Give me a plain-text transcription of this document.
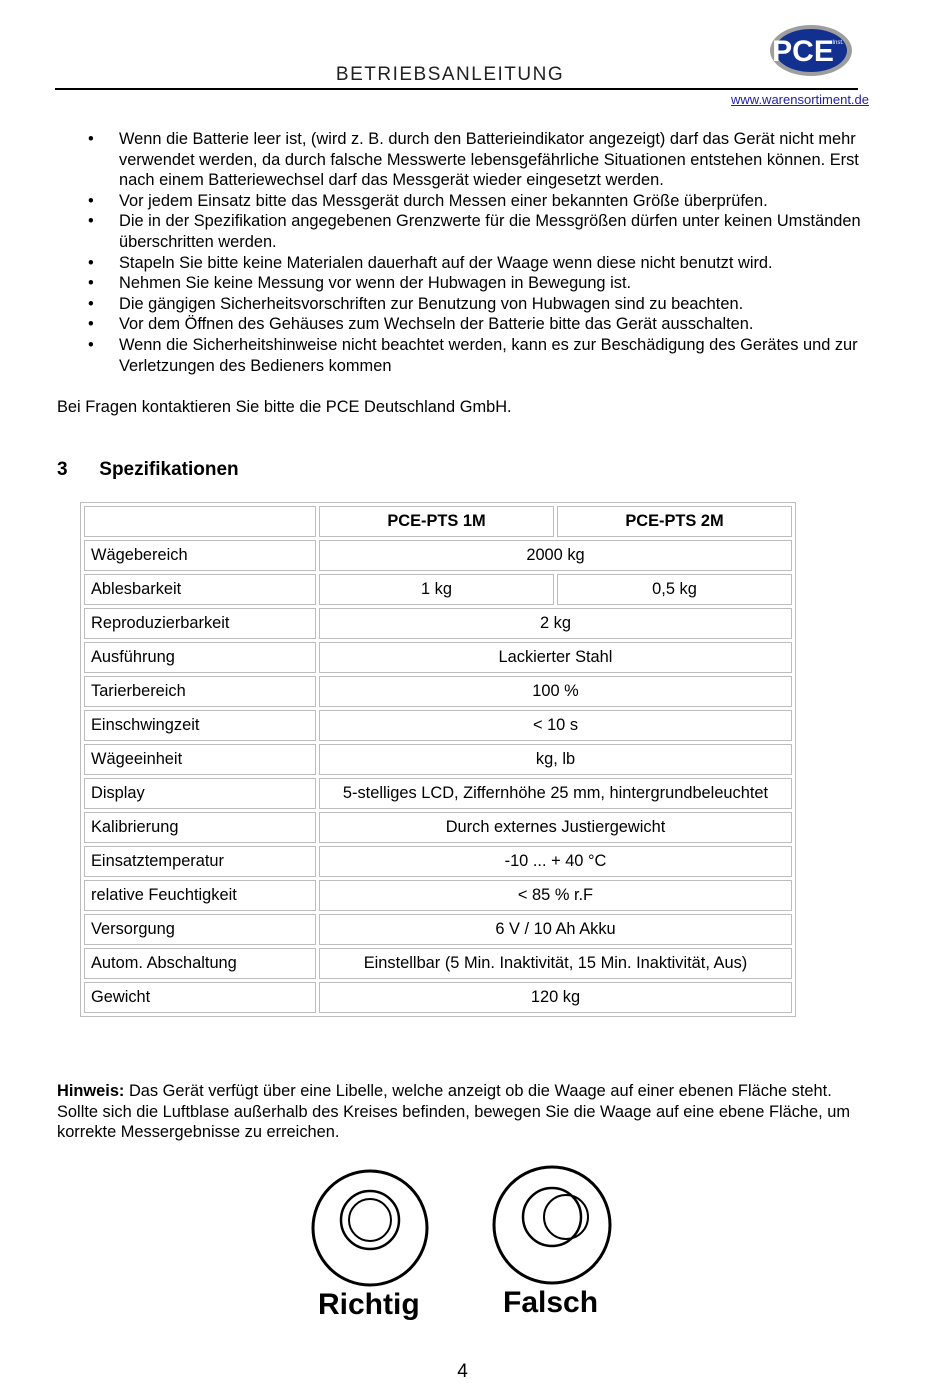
BETRIEBSANLEITUNG
PCE
Inst.
www.warensortiment.de
• Wenn die Batterie leer ist, (wird z. B. durch den Batterieindikator angezeigt) darf das Gerät nicht mehr verwendet werden, da durch falsche Messwerte lebensgefährliche Situationen entstehen können. Erst nach einem Batteriewechsel darf das Messgerät wieder eingesetzt werden.
• Vor jedem Einsatz bitte das Messgerät durch Messen einer bekannten Größe überprüfen.
• Die in der Spezifikation angegebenen Grenzwerte für die Messgrößen dürfen unter keinen Umständen überschritten werden.
• Stapeln Sie bitte keine Materialen dauerhaft auf der Waage wenn diese nicht benutzt wird.
• Nehmen Sie keine Messung vor wenn der Hubwagen in Bewegung ist.
• Die gängigen Sicherheitsvorschriften zur Benutzung von Hubwagen sind zu beachten.
• Vor dem Öffnen des Gehäuses zum Wechseln der Batterie bitte das Gerät ausschalten.
• Wenn die Sicherheitshinweise nicht beachtet werden, kann es zur Beschädigung des Gerätes und zur Verletzungen des Bedieners kommen
Bei Fragen kontaktieren Sie bitte die PCE Deutschland GmbH.
3 Spezifikationen
	PCE-PTS 1M	PCE-PTS 2M
Wägebereich	2000 kg	
Ablesbarkeit	1 kg	0,5 kg
Reproduzierbarkeit	2 kg	
Ausführung	Lackierter Stahl	
Tarierbereich	100 %	
Einschwingzeit	< 10 s	
Wägeeinheit	kg, lb	
Display	5-stelliges LCD, Ziffernhöhe 25 mm, hintergrundbeleuchtet	
Kalibrierung	Durch externes Justiergewicht	
Einsatztemperatur	-10 ... + 40 °C	
relative Feuchtigkeit	< 85 % r.F	
Versorgung	6 V / 10 Ah Akku	
Autom. Abschaltung	Einstellbar (5 Min. Inaktivität, 15 Min. Inaktivität, Aus)	
Gewicht	120 kg	
Hinweis: Das Gerät verfügt über eine Libelle, welche anzeigt ob die Waage auf einer ebenen Fläche steht. Sollte sich die Luftblase außerhalb des Kreises befinden, bewegen Sie die Waage auf eine ebene Fläche, um korrekte Messergebnisse zu erreichen.
Richtig	Falsch
4
